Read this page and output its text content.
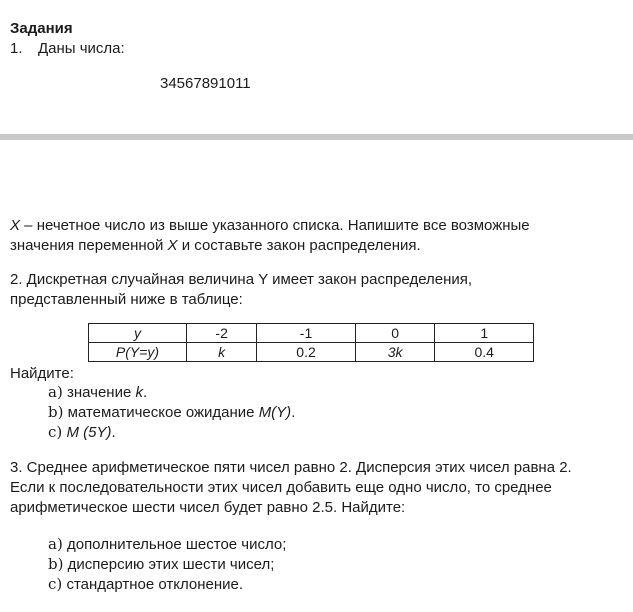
Задания
1. Даны числа:
34567891011
X – нечетное число из выше указанного списка. Напишите все возможные
значения переменной X и составьте закон распределения.
2. Дискретная случайная величина Y имеет закон распределения,
представленный ниже в таблице:
y	-2	-1	0	1
P(Y=y)	k	0.2	3k	0.4
Найдите:
a) значение k.
b) математическое ожидание M(Y).
c) M (5Y).
3. Среднее арифметическое пяти чисел равно 2. Дисперсия этих чисел равна 2.
Если к последовательности этих чисел добавить еще одно число, то среднее
арифметическое шести чисел будет равно 2.5. Найдите:
a) дополнительное шестое число;
b) дисперсию этих шести чисел;
c) стандартное отклонение.
